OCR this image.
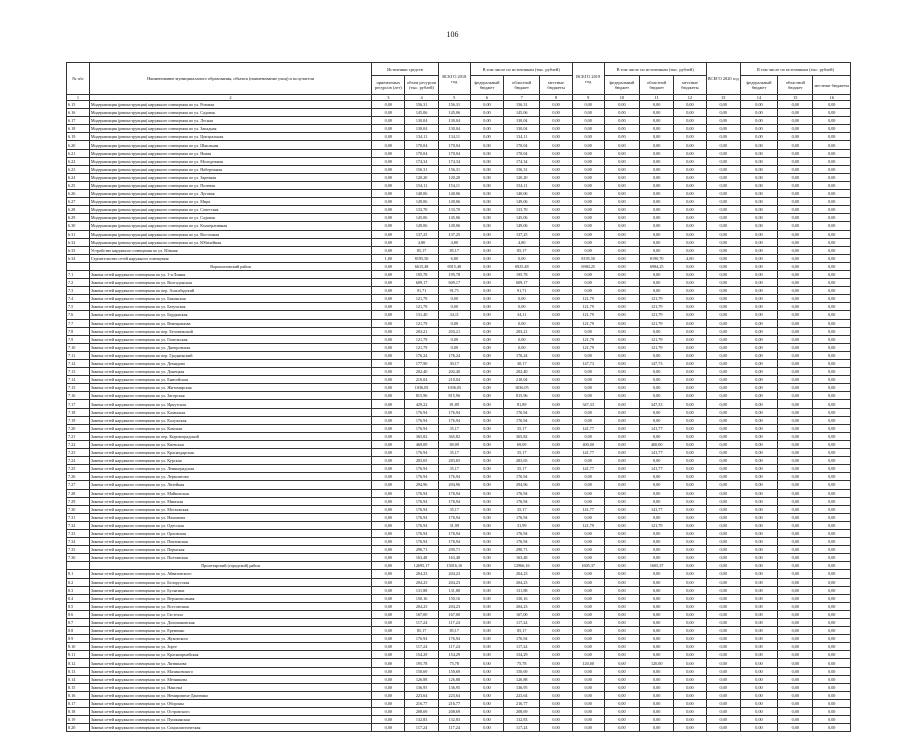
106
№ п/п	Наименование муниципального образования, объекта (наименование улиц) и получателя	Источники средств		ВСЕГО 2018 год	В том числе по источникам (тыс. рублей)			ВСЕГО 2019 год	В том числе по источникам (тыс. рублей)			ВСЕГО 2020 год	В том числе по источникам (тыс. рублей)		
		приемлемых ресурсов (лет)	объем ресурсов (тыс. рублей)		федеральный бюджет	областной бюджет	местные бюджеты		федеральный бюджет	областной бюджет	местные бюджеты		федеральный бюджет	областной бюджет	местные бюджеты
1	2	3	4	5	6	7	8	9	10	11	12	13	14	15	16
6.15	Модернизация (реконструкция) наружного освещения по ул. Розовая	0,00	156,31	156,31	0,00	156,31	0,00	0,00	0,00	0,00	0,00	0,00	0,00	0,00	0,00
6.16	Модернизация (реконструкция) наружного освещения по ул. Садовая	0,00	145,06	145,06	0,00	145,06	0,00	0,00	0,00	0,00	0,00	0,00	0,00	0,00	0,00
6.17	Модернизация (реконструкция) наружного освещения по ул. Лесная	0,00	130,04	130,04	0,00	130,04	0,00	0,00	0,00	0,00	0,00	0,00	0,00	0,00	0,00
6.18	Модернизация (реконструкция) наружного освещения по ул. Западная	0,00	130,04	130,04	0,00	130,04	0,00	0,00	0,00	0,00	0,00	0,00	0,00	0,00	0,00
6.19	Модернизация (реконструкция) наружного освещения по ул. Центральная	0,00	134,11	134,11	0,00	134,11	0,00	0,00	0,00	0,00	0,00	0,00	0,00	0,00	0,00
6.20	Модернизация (реконструкция) наружного освещения по ул. Школьная	0,00	170,04	170,04	0,00	170,04	0,00	0,00	0,00	0,00	0,00	0,00	0,00	0,00	0,00
6.21	Модернизация (реконструкция) наружного освещения по ул. Новая	0,00	170,04	170,04	0,00	170,04	0,00	0,00	0,00	0,00	0,00	0,00	0,00	0,00	0,00
6.22	Модернизация (реконструкция) наружного освещения по ул. Молодежная	0,00	174,34	174,34	0,00	174,34	0,00	0,00	0,00	0,00	0,00	0,00	0,00	0,00	0,00
6.23	Модернизация (реконструкция) наружного освещения по ул. Набережная	0,00	156,31	156,31	0,00	156,31	0,00	0,00	0,00	0,00	0,00	0,00	0,00	0,00	0,00
6.24	Модернизация (реконструкция) наружного освещения по ул. Заречная	0,00	120,20	120,20	0,00	120,20	0,00	0,00	0,00	0,00	0,00	0,00	0,00	0,00	0,00
6.25	Модернизация (реконструкция) наружного освещения по ул. Полевая	0,00	154,11	154,11	0,00	154,11	0,00	0,00	0,00	0,00	0,00	0,00	0,00	0,00	0,00
6.26	Модернизация (реконструкция) наружного освещения по ул. Луговая	0,00	140,06	140,06	0,00	140,06	0,00	0,00	0,00	0,00	0,00	0,00	0,00	0,00	0,00
6.27	Модернизация (реконструкция) наружного освещения по ул. Мира	0,00	149,06	149,06	0,00	149,06	0,00	0,00	0,00	0,00	0,00	0,00	0,00	0,00	0,00
6.28	Модернизация (реконструкция) наружного освещения по ул. Советская	0,00	133,70	133,70	0,00	133,70	0,00	0,00	0,00	0,00	0,00	0,00	0,00	0,00	0,00
6.29	Модернизация (реконструкция) наружного освещения по ул. Садовая	0,00	145,06	145,06	0,00	145,06	0,00	0,00	0,00	0,00	0,00	0,00	0,00	0,00	0,00
6.30	Модернизация (реконструкция) наружного освещения по ул. Кооперативная	0,00	149,06	149,06	0,00	149,06	0,00	0,00	0,00	0,00	0,00	0,00	0,00	0,00	0,00
6.31	Модернизация (реконструкция) наружного освещения по ул. Восточная	0,00	137,25	137,25	0,00	137,25	0,00	0,00	0,00	0,00	0,00	0,00	0,00	0,00	0,00
6.32	Модернизация (реконструкция) наружного освещения по ул. Юбилейная	0,00	4,80	4,80	0,00	4,80	0,00	0,00	0,00	0,00	0,00	0,00	0,00	0,00	0,00
6.33	Устройство наружного освещения по ул. Южная	0,00	85,17	85,17	0,00	85,17	0,00	0,00	0,00	0,00	0,00	0,00	0,00	0,00	0,00
6.34	Строительство сетей наружного освещения	1,00	8195,50	6,80	0,00	0,00	0,00	8195,50	0,00	8190,70	4,80	0,00	0,00	0,00	0,00
	Ворошиловский район	0,00	6615,48	6915,48	0,00	6925,48	0,00	6984,25	0,00	6984,25	0,00	0,00	0,00	0,00	0,00
7.1	Замена сетей наружного освещения по ул. 1-я Линия	0,00	195,78	195,78	0,00	195,78	0,00	0,00	0,00	0,00	0,00	0,00	0,00	0,00	0,00
7.2	Замена сетей наружного освещения по ул. Волгодонская	0,00	609,17	609,17	0,00	609,17	0,00	0,00	0,00	0,00	0,00	0,00	0,00	0,00	0,00
7.3	Замена сетей наружного освещения по пер. Ашхабадский	0,00	91,71	91,71	0,00	91,71	0,00	0,00	0,00	0,00	0,00	0,00	0,00	0,00	0,00
7.4	Замена сетей наружного освещения по ул. Бакинская	0,00	121,79	0,00	0,00	0,00	0,00	121,79	0,00	121,79	0,00	0,00	0,00	0,00	0,00
7.5	Замена сетей наружного освещения по ул. Батумская	0,00	121,79	0,00	0,00	0,00	0,00	121,79	0,00	121,79	0,00	0,00	0,00	0,00	0,00
7.6	Замена сетей наружного освещения по ул. Бердянская	0,00	131,40	34,11	0,00	34,11	0,00	121,79	0,00	121,79	0,00	0,00	0,00	0,00	0,00
7.7	Замена сетей наружного освещения по ул. Венецианова	0,00	121,79	0,00	0,00	0,00	0,00	121,79	0,00	121,79	0,00	0,00	0,00	0,00	0,00
7.8	Замена сетей наружного освещения по пер. Беловежский	0,00	203,21	203,21	0,00	203,21	0,00	0,00	0,00	0,00	0,00	0,00	0,00	0,00	0,00
7.9	Замена сетей наружного освещения по ул. Гомельская	0,00	121,79	0,00	0,00	0,00	0,00	121,79	0,00	121,79	0,00	0,00	0,00	0,00	0,00
7.10	Замена сетей наружного освещения по ул. Днепровская	0,00	121,79	0,00	0,00	0,00	0,00	121,79	0,00	121,79	0,00	0,00	0,00	0,00	0,00
7.11	Замена сетей наружного освещения по пер. Гродненский	0,00	176,24	176,24	0,00	176,24	0,00	0,00	0,00	0,00	0,00	0,00	0,00	0,00	0,00
7.12	Замена сетей наружного освещения по ул. Демидова	0,00	177,90	30,17	0,00	30,17	0,00	147,73	0,00	147,73	0,00	0,00	0,00	0,00	0,00
7.13	Замена сетей наружного освещения по ул. Донецкая	0,00	202,40	202,40	0,00	202,40	0,00	0,00	0,00	0,00	0,00	0,00	0,00	0,00	0,00
7.14	Замена сетей наружного освещения по ул. Енисейская	0,00	210,04	210,04	0,00	210,04	0,00	0,00	0,00	0,00	0,00	0,00	0,00	0,00	0,00
7.15	Замена сетей наружного освещения по ул. Житомирская	0,00	1036,05	1036,05	0,00	1036,05	0,00	0,00	0,00	0,00	0,00	0,00	0,00	0,00	0,00
7.16	Замена сетей наружного освещения по ул. Загорская	0,00	815,96	815,96	0,00	815,96	0,00	0,00	0,00	0,00	0,00	0,00	0,00	0,00	0,00
7.17	Замена сетей наружного освещения по ул. Иркутская	0,00	429,22	81,89	0,00	81,89	0,00	347,33	0,00	347,33	0,00	0,00	0,00	0,00	0,00
7.18	Замена сетей наружного освещения по ул. Казанская	0,00	176,94	176,94	0,00	176,94	0,00	0,00	0,00	0,00	0,00	0,00	0,00	0,00	0,00
7.19	Замена сетей наружного освещения по ул. Калужская	0,00	176,94	176,94	0,00	176,94	0,00	0,00	0,00	0,00	0,00	0,00	0,00	0,00	0,00
7.20	Замена сетей наружного освещения по ул. Камская	0,00	176,94	35,17	0,00	35,17	0,00	141,77	0,00	141,77	0,00	0,00	0,00	0,00	0,00
7.21	Замена сетей наружного освещения по пер. Кировоградский	0,00	365,82	365,82	0,00	365,82	0,00	0,00	0,00	0,00	0,00	0,00	0,00	0,00	0,00
7.22	Замена сетей наружного освещения по ул. Киевская	0,00	469,09	69,09	0,00	69,09	0,00	400,00	0,00	400,00	0,00	0,00	0,00	0,00	0,00
7.23	Замена сетей наружного освещения по ул. Краснодарская	0,00	176,94	35,17	0,00	35,17	0,00	141,77	0,00	141,77	0,00	0,00	0,00	0,00	0,00
7.24	Замена сетей наружного освещения по ул. Курская	0,00	283,65	283,65	0,00	283,65	0,00	0,00	0,00	0,00	0,00	0,00	0,00	0,00	0,00
7.25	Замена сетей наружного освещения по ул. Ленинградская	0,00	176,94	35,17	0,00	35,17	0,00	141,77	0,00	141,77	0,00	0,00	0,00	0,00	0,00
7.26	Замена сетей наружного освещения по ул. Лермонтова	0,00	176,94	176,94	0,00	176,94	0,00	0,00	0,00	0,00	0,00	0,00	0,00	0,00	0,00
7.27	Замена сетей наружного освещения по ул. Литейная	0,00	294,96	294,96	0,00	294,96	0,00	0,00	0,00	0,00	0,00	0,00	0,00	0,00	0,00
7.28	Замена сетей наружного освещения по ул. Майкопская	0,00	176,94	176,94	0,00	176,94	0,00	0,00	0,00	0,00	0,00	0,00	0,00	0,00	0,00
7.29	Замена сетей наружного освещения по ул. Минская	0,00	176,94	176,94	0,00	176,94	0,00	0,00	0,00	0,00	0,00	0,00	0,00	0,00	0,00
7.30	Замена сетей наружного освещения по ул. Московская	0,00	176,94	35,17	0,00	35,17	0,00	141,77	0,00	141,77	0,00	0,00	0,00	0,00	0,00
7.31	Замена сетей наружного освещения по ул. Нахимова	0,00	176,94	176,94	0,00	176,94	0,00	0,00	0,00	0,00	0,00	0,00	0,00	0,00	0,00
7.32	Замена сетей наружного освещения по ул. Одесская	0,00	176,94	31,99	0,00	31,99	0,00	121,79	0,00	121,79	0,00	0,00	0,00	0,00	0,00
7.33	Замена сетей наружного освещения по ул. Орловская	0,00	176,94	176,94	0,00	176,94	0,00	0,00	0,00	0,00	0,00	0,00	0,00	0,00	0,00
7.34	Замена сетей наружного освещения по ул. Пензенская	0,00	176,94	176,94	0,00	176,94	0,00	0,00	0,00	0,00	0,00	0,00	0,00	0,00	0,00
7.35	Замена сетей наружного освещения по ул. Пермская	0,00	290,71	290,71	0,00	290,71	0,00	0,00	0,00	0,00	0,00	0,00	0,00	0,00	0,00
7.36	Замена сетей наружного освещения по ул. Полтавская	0,00	163,48	163,48	0,00	163,48	0,00	0,00	0,00	0,00	0,00	0,00	0,00	0,00	0,00
	Пролетарский (городской) район	0,00	12695,17	13016,16	0,00	12966,16	0,00	1605,37	0,00	1605,37	0,00	0,00	0,00	0,00	0,00
8.1	Замена сетей наружного освещения по ул. Айвазовского	0,00	204,23	204,23	0,00	204,23	0,00	0,00	0,00	0,00	0,00	0,00	0,00	0,00	0,00
8.2	Замена сетей наружного освещения по ул. Белорусская	0,00	204,23	204,23	0,00	204,23	0,00	0,00	0,00	0,00	0,00	0,00	0,00	0,00	0,00
8.3	Замена сетей наружного освещения по ул. Бусыгина	0,00	131,88	131,88	0,00	131,88	0,00	0,00	0,00	0,00	0,00	0,00	0,00	0,00	0,00
8.4	Замена сетей наружного освещения по ул. Верхненольная	0,00	150,16	150,16	0,00	150,16	0,00	0,00	0,00	0,00	0,00	0,00	0,00	0,00	0,00
8.5	Замена сетей наружного освещения по ул. Всесоюзная	0,00	204,23	204,23	0,00	204,23	0,00	0,00	0,00	0,00	0,00	0,00	0,00	0,00	0,00
8.6	Замена сетей наружного освещения по ул. Гастелло	0,00	167,00	167,00	0,00	167,00	0,00	0,00	0,00	0,00	0,00	0,00	0,00	0,00	0,00
8.7	Замена сетей наружного освещения по ул. Доломановская	0,00	117,24	117,24	0,00	117,24	0,00	0,00	0,00	0,00	0,00	0,00	0,00	0,00	0,00
8.8	Замена сетей наружного освещения по ул. Еременко	0,00	85,17	85,17	0,00	85,17	0,00	0,00	0,00	0,00	0,00	0,00	0,00	0,00	0,00
8.9	Замена сетей наружного освещения по ул. Жуковского	0,00	176,94	176,94	0,00	176,94	0,00	0,00	0,00	0,00	0,00	0,00	0,00	0,00	0,00
8.10	Замена сетей наружного освещения по ул. Зорге	0,00	117,24	117,24	0,00	117,24	0,00	0,00	0,00	0,00	0,00	0,00	0,00	0,00	0,00
8.11	Замена сетей наружного освещения по ул. Красноармейская	0,00	154,29	154,29	0,00	154,29	0,00	0,00	0,00	0,00	0,00	0,00	0,00	0,00	0,00
8.12	Замена сетей наружного освещения по ул. Литвинова	0,00	195,78	75,78	0,00	75,78	0,00	120,00	0,00	120,00	0,00	0,00	0,00	0,00	0,00
8.13	Замена сетей наружного освещения по ул. Малиновского	0,00	150,69	150,69	0,00	150,69	0,00	0,00	0,00	0,00	0,00	0,00	0,00	0,00	0,00
8.14	Замена сетей наружного освещения по ул. Мечникова	0,00	126,88	126,88	0,00	126,88	0,00	0,00	0,00	0,00	0,00	0,00	0,00	0,00	0,00
8.15	Замена сетей наружного освещения по ул. Нансена	0,00	136,95	136,95	0,00	136,95	0,00	0,00	0,00	0,00	0,00	0,00	0,00	0,00	0,00
8.16	Замена сетей наружного освещения по ул. Немировича-Данченко	0,00	223,64	223,64	0,00	223,64	0,00	0,00	0,00	0,00	0,00	0,00	0,00	0,00	0,00
8.17	Замена сетей наружного освещения по ул. Обороны	0,00	216,77	216,77	0,00	216,77	0,00	0,00	0,00	0,00	0,00	0,00	0,00	0,00	0,00
8.18	Замена сетей наружного освещения по ул. Островского	0,00	208,69	208,69	0,00	208,69	0,00	0,00	0,00	0,00	0,00	0,00	0,00	0,00	0,00
8.19	Замена сетей наружного освещения по ул. Пушкинская	0,00	132,83	132,83	0,00	132,83	0,00	0,00	0,00	0,00	0,00	0,00	0,00	0,00	0,00
8.20	Замена сетей наружного освещения по ул. Социалистическая	0,00	117,24	117,24	0,00	117,24	0,00	0,00	0,00	0,00	0,00	0,00	0,00	0,00	0,00
